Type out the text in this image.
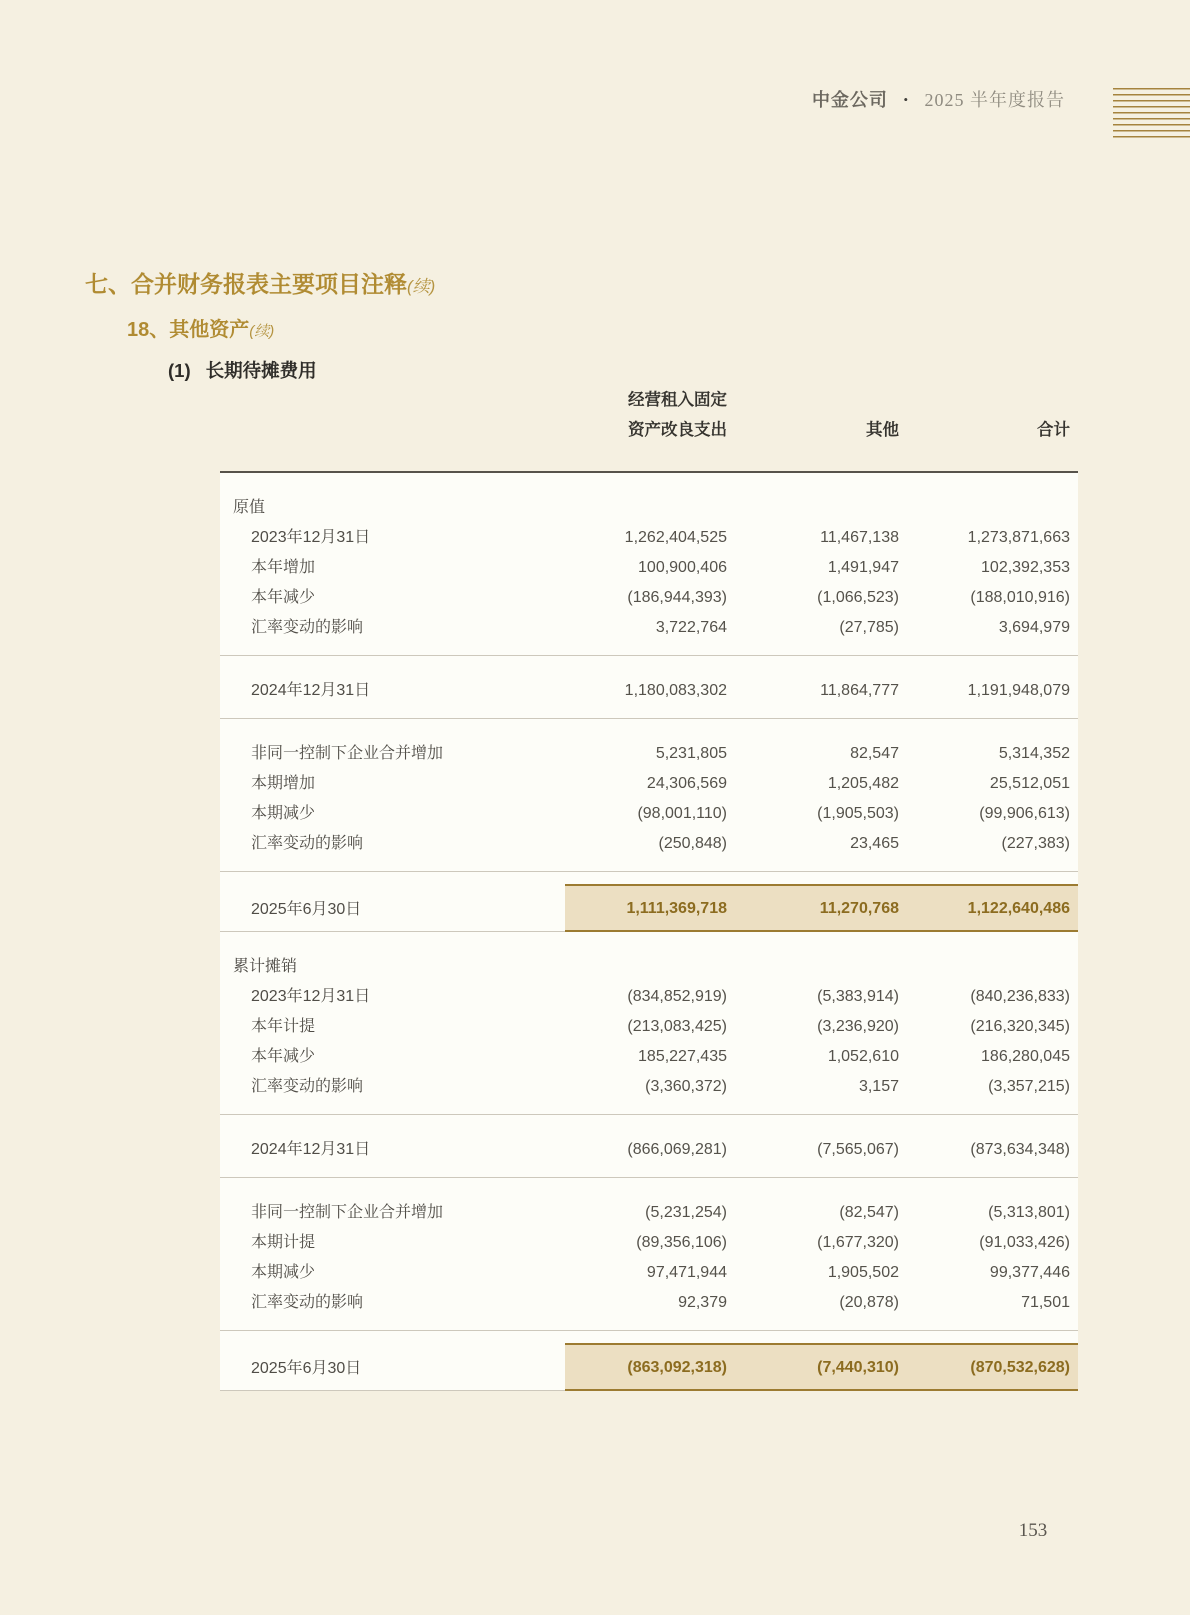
中金公司 • 2025 半年度报告
七、合并财务报表主要项目注释(续)
18、其他资产(续)
(1) 长期待摊费用

	经营租入固定
资产改良支出	其他	合计
原值			
2023年12月31日	1,262,404,525	11,467,138	1,273,871,663
本年增加	100,900,406	1,491,947	102,392,353
本年减少	(186,944,393)	(1,066,523)	(188,010,916)
汇率变动的影响	3,722,764	(27,785)	3,694,979

2024年12月31日	1,180,083,302	11,864,777	1,191,948,079

非同一控制下企业合并增加	5,231,805	82,547	5,314,352
本期增加	24,306,569	1,205,482	25,512,051
本期减少	(98,001,110)	(1,905,503)	(99,906,613)
汇率变动的影响	(250,848)	23,465	(227,383)

2025年6月30日	1,111,369,718	11,270,768	1,122,640,486
累计摊销			
2023年12月31日	(834,852,919)	(5,383,914)	(840,236,833)
本年计提	(213,083,425)	(3,236,920)	(216,320,345)
本年减少	185,227,435	1,052,610	186,280,045
汇率变动的影响	(3,360,372)	3,157	(3,357,215)

2024年12月31日	(866,069,281)	(7,565,067)	(873,634,348)

非同一控制下企业合并增加	(5,231,254)	(82,547)	(5,313,801)
本期计提	(89,356,106)	(1,677,320)	(91,033,426)
本期减少	97,471,944	1,905,502	99,377,446
汇率变动的影响	92,379	(20,878)	71,501

2025年6月30日	(863,092,318)	(7,440,310)	(870,532,628)
153
